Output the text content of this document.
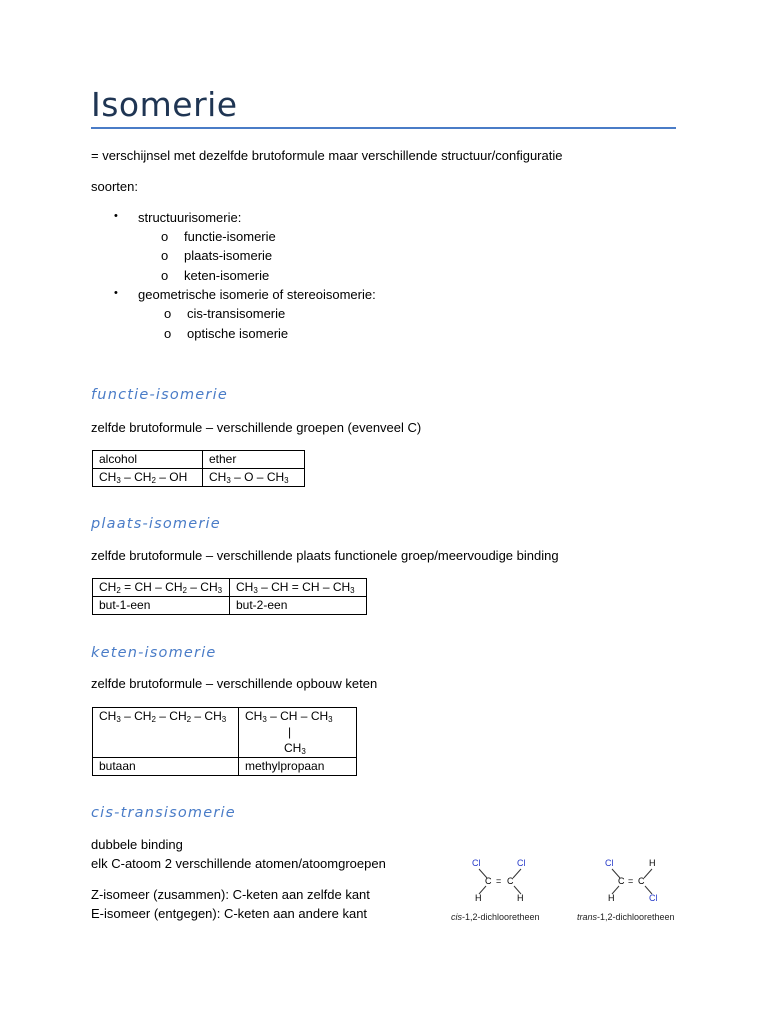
Isomerie
= verschijnsel met dezelfde brutoformule maar verschillende structuur/configuratie
soorten:
• structuurisomerie:
o functie-isomerie
o plaats-isomerie
o keten-isomerie
• geometrische isomerie of stereoisomerie:
o cis-transisomerie
o optische isomerie
functie-isomerie
zelfde brutoformule – verschillende groepen (evenveel C)
alcohol	ether
$CH_3 - CH_2$ – OH	$CH_3$ – O – $CH_3$
plaats-isomerie
zelfde brutoformule – verschillende plaats functionele groep/meervoudige binding
$CH_2$ = CH – $CH_2 - CH_3$	$CH_3$ – CH = CH – $CH_3$
but-1-een	but-2-een
keten-isomerie
zelfde brutoformule – verschillende opbouw keten
$CH_3 - CH_2 - CH_2 - CH_3$	$CH_3$ – CH – $CH_3$
|
$CH_3$

butaan	methylpropaan
cis-transisomerie
dubbele binding
elk C-atoom 2 verschillende atomen/atoomgroepen
Z-isomeer (zusammen): C-keten aan zelfde kant
E-isomeer (entgegen): C-keten aan andere kant
Cl	Cl
C = C
H	H
cis-1,2-dichlooretheen
Cl	H
C = C
H	Cl
trans-1,2-dichlooretheen
